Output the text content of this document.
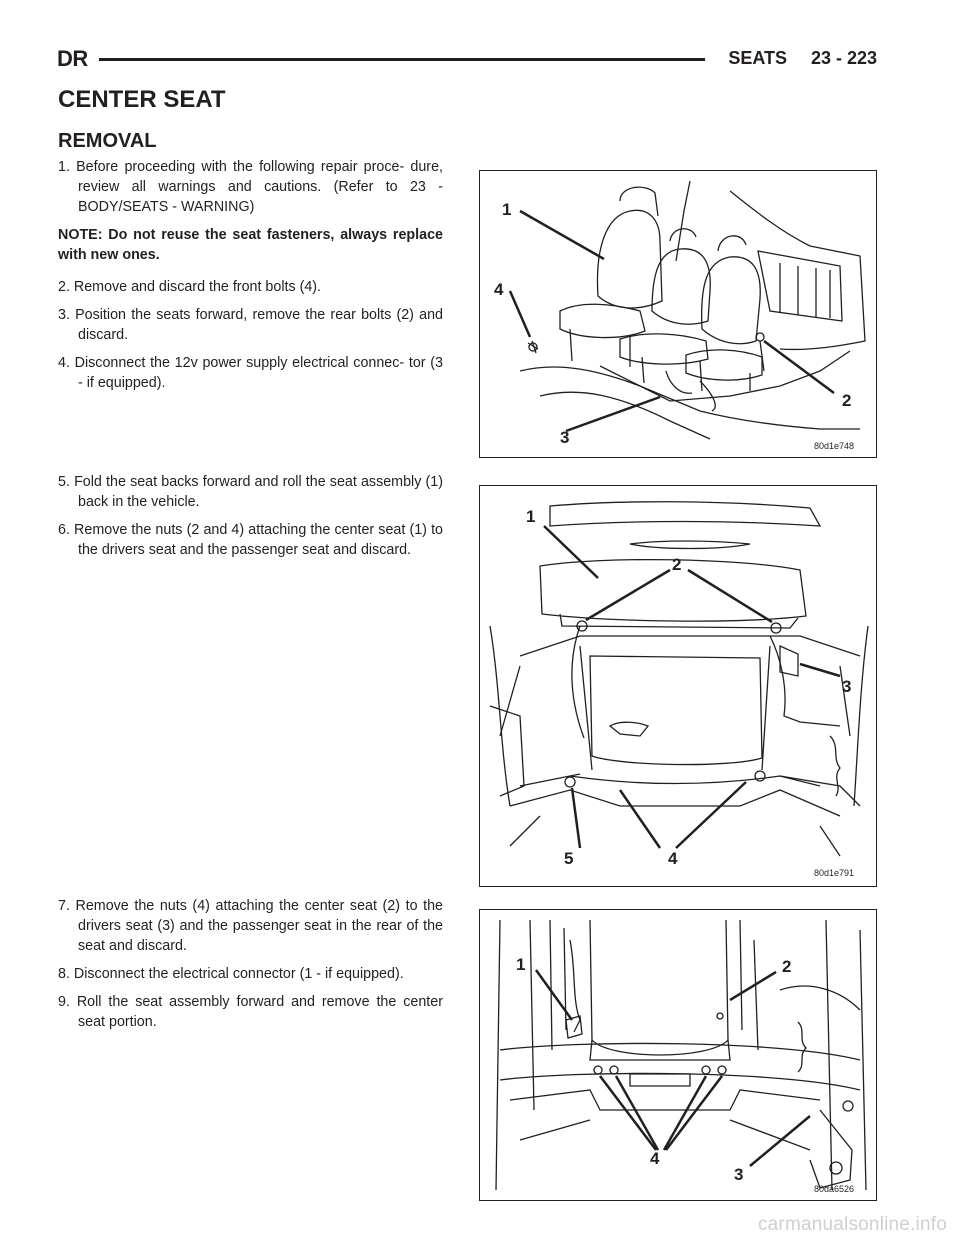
DR	SEATS 23 - 223
CENTER SEAT
REMOVAL

1. Before proceeding with the following repair proce- dure, review all warnings and cautions. (Refer to 23 - BODY/SEATS - WARNING)

NOTE: Do not reuse the seat fasteners, always replace with new ones.

2. Remove and discard the front bolts (4).

3. Position the seats forward, remove the rear bolts (2) and discard.

4. Disconnect the 12v power supply electrical connec- tor (3 - if equipped).

5. Fold the seat backs forward and roll the seat assembly (1) back in the vehicle.

6. Remove the nuts (2 and 4) attaching the center seat (1) to the drivers seat and the passenger seat and discard.

7. Remove the nuts (4) attaching the center seat (2) to the drivers seat (3) and the passenger seat in the rear of the seat and discard.

8. Disconnect the electrical connector (1 - if equipped).

9. Roll the seat assembly forward and remove the center seat portion.

1
4
2
3	80d1e748
1
2
3
5	4
80d1e791
1	2
4
3
80da6526
carmanualsonline.info
